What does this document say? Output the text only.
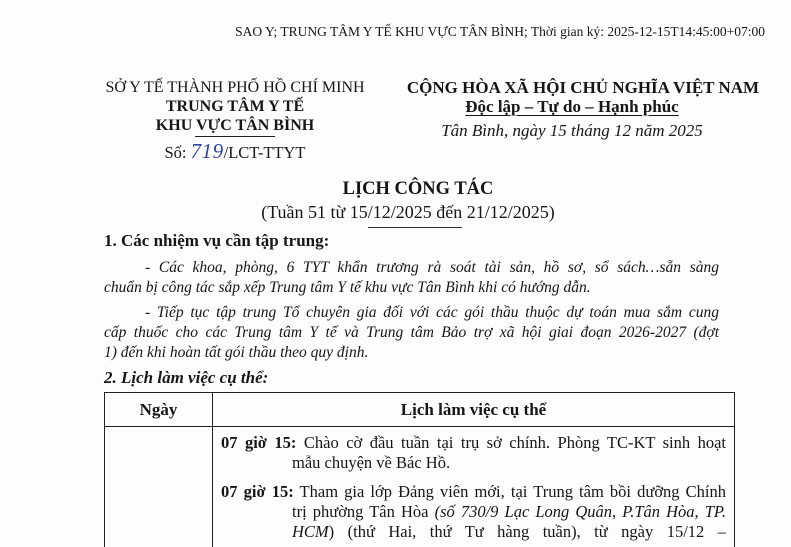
SAO Y; TRUNG TÂM Y TẾ KHU VỰC TÂN BÌNH; Thời gian ký: 2025-12-15T14:45:00+07:00
SỞ Y TẾ THÀNH PHỐ HỒ CHÍ MINH
TRUNG TÂM Y TẾ
KHU VỰC TÂN BÌNH
Số: 719/LCT-TTYT
CỘNG HÒA XÃ HỘI CHỦ NGHĨA VIỆT NAM
Độc lập – Tự do – Hạnh phúc
Tân Bình, ngày 15 tháng 12 năm 2025
LỊCH CÔNG TÁC
(Tuần 51 từ 15/12/2025 đến 21/12/2025)
1. Các nhiệm vụ cần tập trung:
- Các khoa, phòng, 6 TYT khẩn trương rà soát tài sản, hồ sơ, sổ sách…sẵn sàng
chuẩn bị công tác sắp xếp Trung tâm Y tế khu vực Tân Bình khi có hướng dẫn.
- Tiếp tục tập trung Tổ chuyên gia đối với các gói thầu thuộc dự toán mua sắm cung
cấp thuốc cho các Trung tâm Y tế và Trung tâm Bảo trợ xã hội giai đoạn 2026-2027 (đợt
1) đến khi hoàn tất gói thầu theo quy định.
2. Lịch làm việc cụ thể:
Ngày	Lịch làm việc cụ thể
07 giờ 15: Chào cờ đầu tuần tại trụ sở chính. Phòng TC-KT sinh hoạt
mẫu chuyện về Bác Hồ.
07 giờ 15: Tham gia lớp Đảng viên mới, tại Trung tâm bồi dưỡng Chính
trị phường Tân Hòa (số 730/9 Lạc Long Quân, P.Tân Hòa, TP.
HCM) (thứ Hai, thứ Tư hàng tuần), từ ngày 15/12 –
